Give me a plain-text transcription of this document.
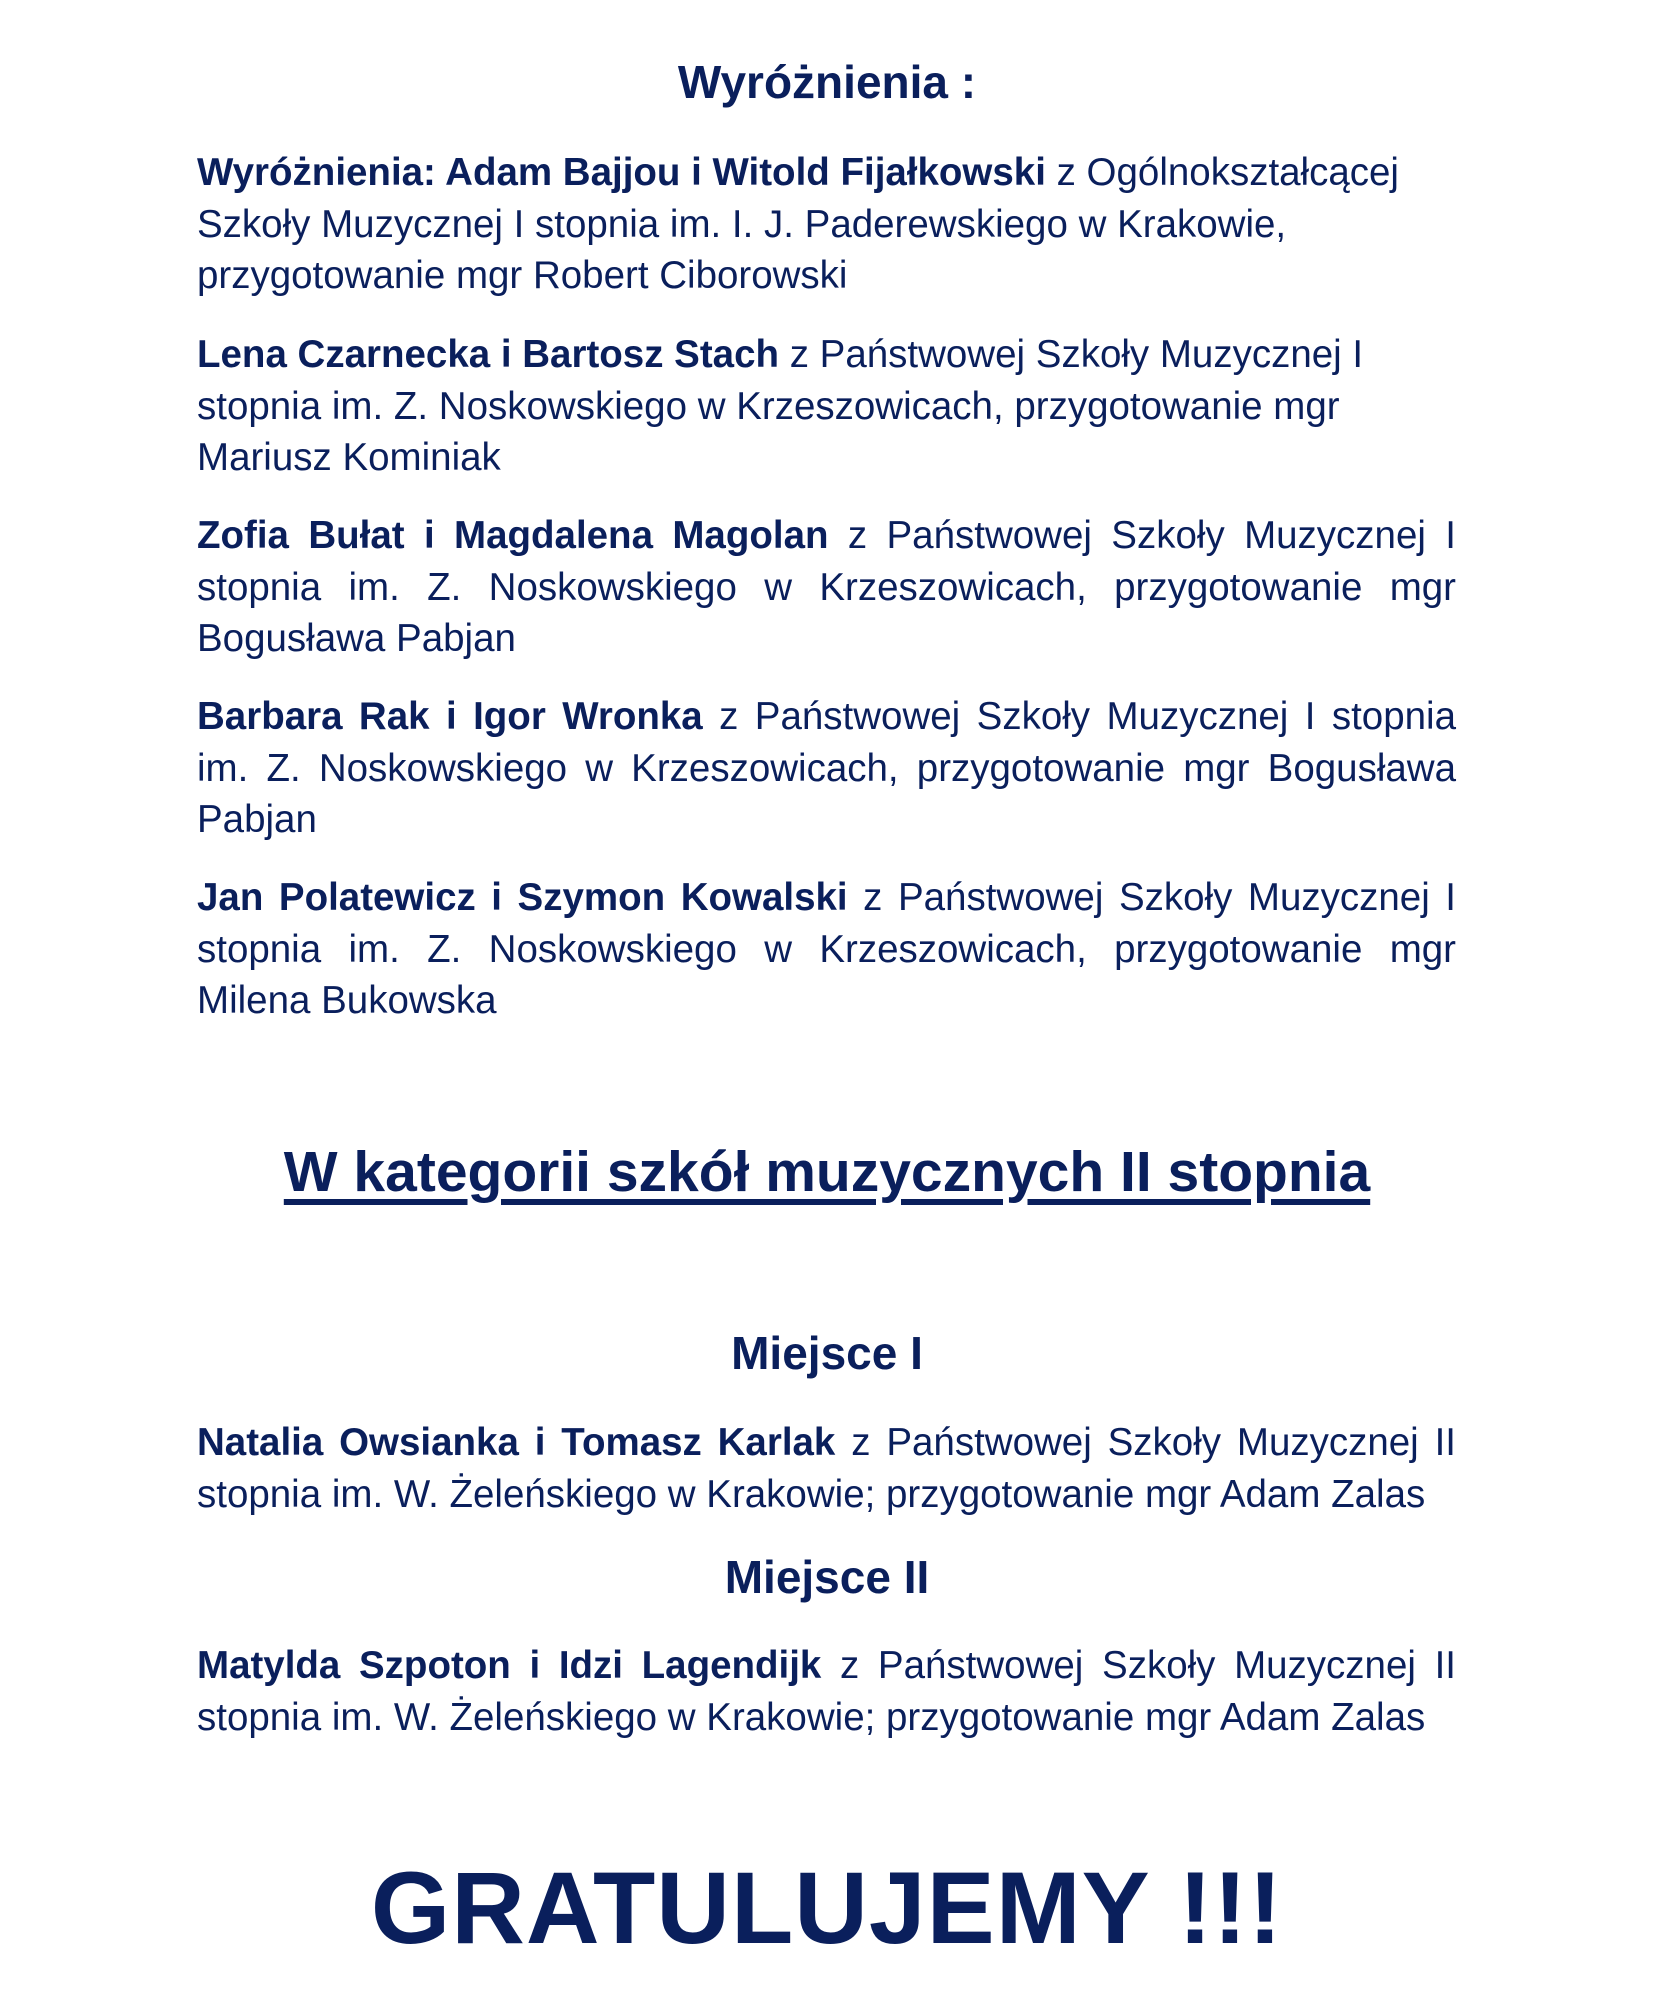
Wyróżnienia :

Wyróżnienia: Adam Bajjou i Witold Fijałkowski z Ogólnokształcącej Szkoły Muzycznej I stopnia im. I. J. Paderewskiego w Krakowie, przygotowanie mgr Robert Ciborowski

Lena Czarnecka i Bartosz Stach z Państwowej Szkoły Muzycznej I stopnia im. Z. Noskowskiego w Krzeszowicach, przygotowanie mgr Mariusz Kominiak

Zofia Bułat i Magdalena Magolan z Państwowej Szkoły Muzycznej I stopnia im. Z. Noskowskiego w Krzeszowicach, przygotowanie mgr Bogusława Pabjan

Barbara Rak i Igor Wronka z Państwowej Szkoły Muzycznej I stopnia im. Z. Noskowskiego w Krzeszowicach, przygotowanie mgr Bogusława Pabjan

Jan Polatewicz i Szymon Kowalski z Państwowej Szkoły Muzycznej I stopnia im. Z. Noskowskiego w Krzeszowicach, przygotowanie mgr Milena Bukowska

W kategorii szkół muzycznych II stopnia
Miejsce I

Natalia Owsianka i Tomasz Karlak z Państwowej Szkoły Muzycznej II stopnia im. W. Żeleńskiego w Krakowie; przygotowanie mgr Adam Zalas

Miejsce II

Matylda Szpoton i Idzi Lagendijk z Państwowej Szkoły Muzycznej II stopnia im. W. Żeleńskiego w Krakowie; przygotowanie mgr Adam Zalas

GRATULUJEMY !!!
